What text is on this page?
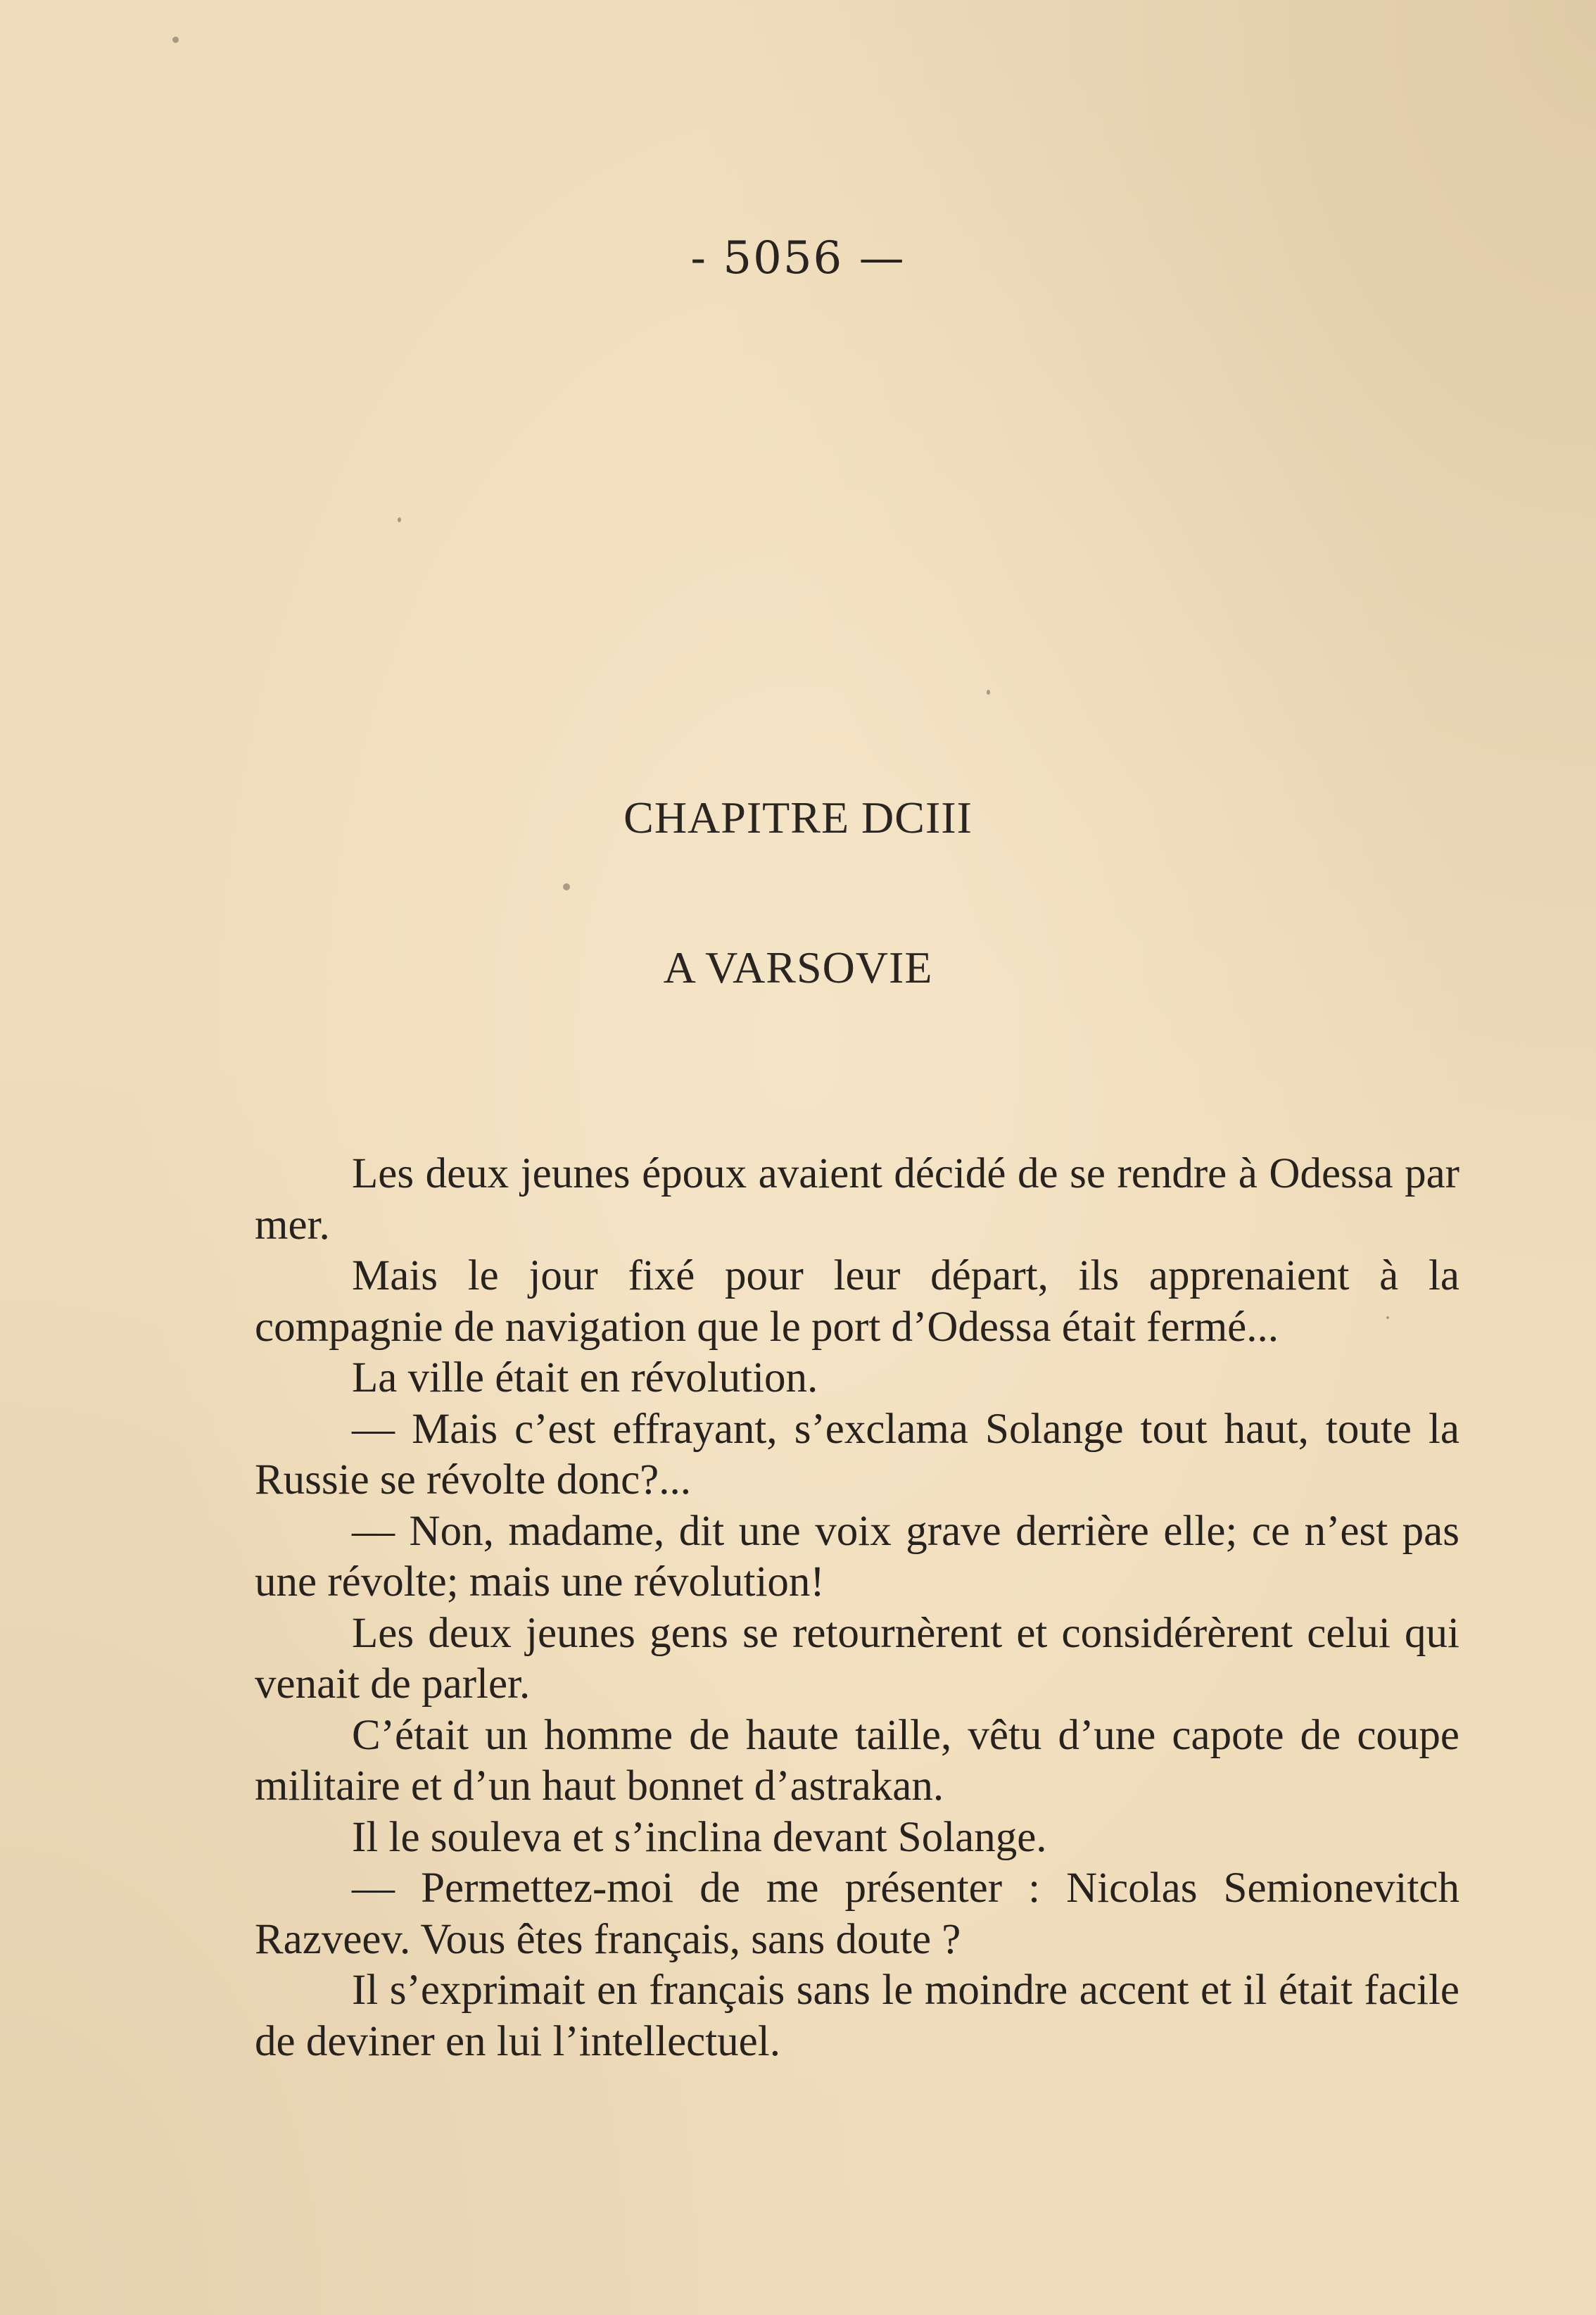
- 5056 —
CHAPITRE DCIII
A VARSOVIE

Les deux jeunes époux avaient décidé de se rendre à Odessa par mer.

Mais le jour fixé pour leur départ, ils apprenaient à la compagnie de navigation que le port d’Odessa était fermé...

La ville était en révolution.

— Mais c’est effrayant, s’exclama Solange tout haut, toute la Russie se révolte donc?...

— Non, madame, dit une voix grave derrière elle; ce n’est pas une révolte; mais une révolution!

Les deux jeunes gens se retournèrent et considérèrent celui qui venait de parler.

C’était un homme de haute taille, vêtu d’une capote de coupe militaire et d’un haut bonnet d’astrakan.

Il le souleva et s’inclina devant Solange.

— Permettez-moi de me présenter : Nicolas Semionevitch Razveev. Vous êtes français, sans doute ?

Il s’exprimait en français sans le moindre accent et il était facile de deviner en lui l’intellectuel.
